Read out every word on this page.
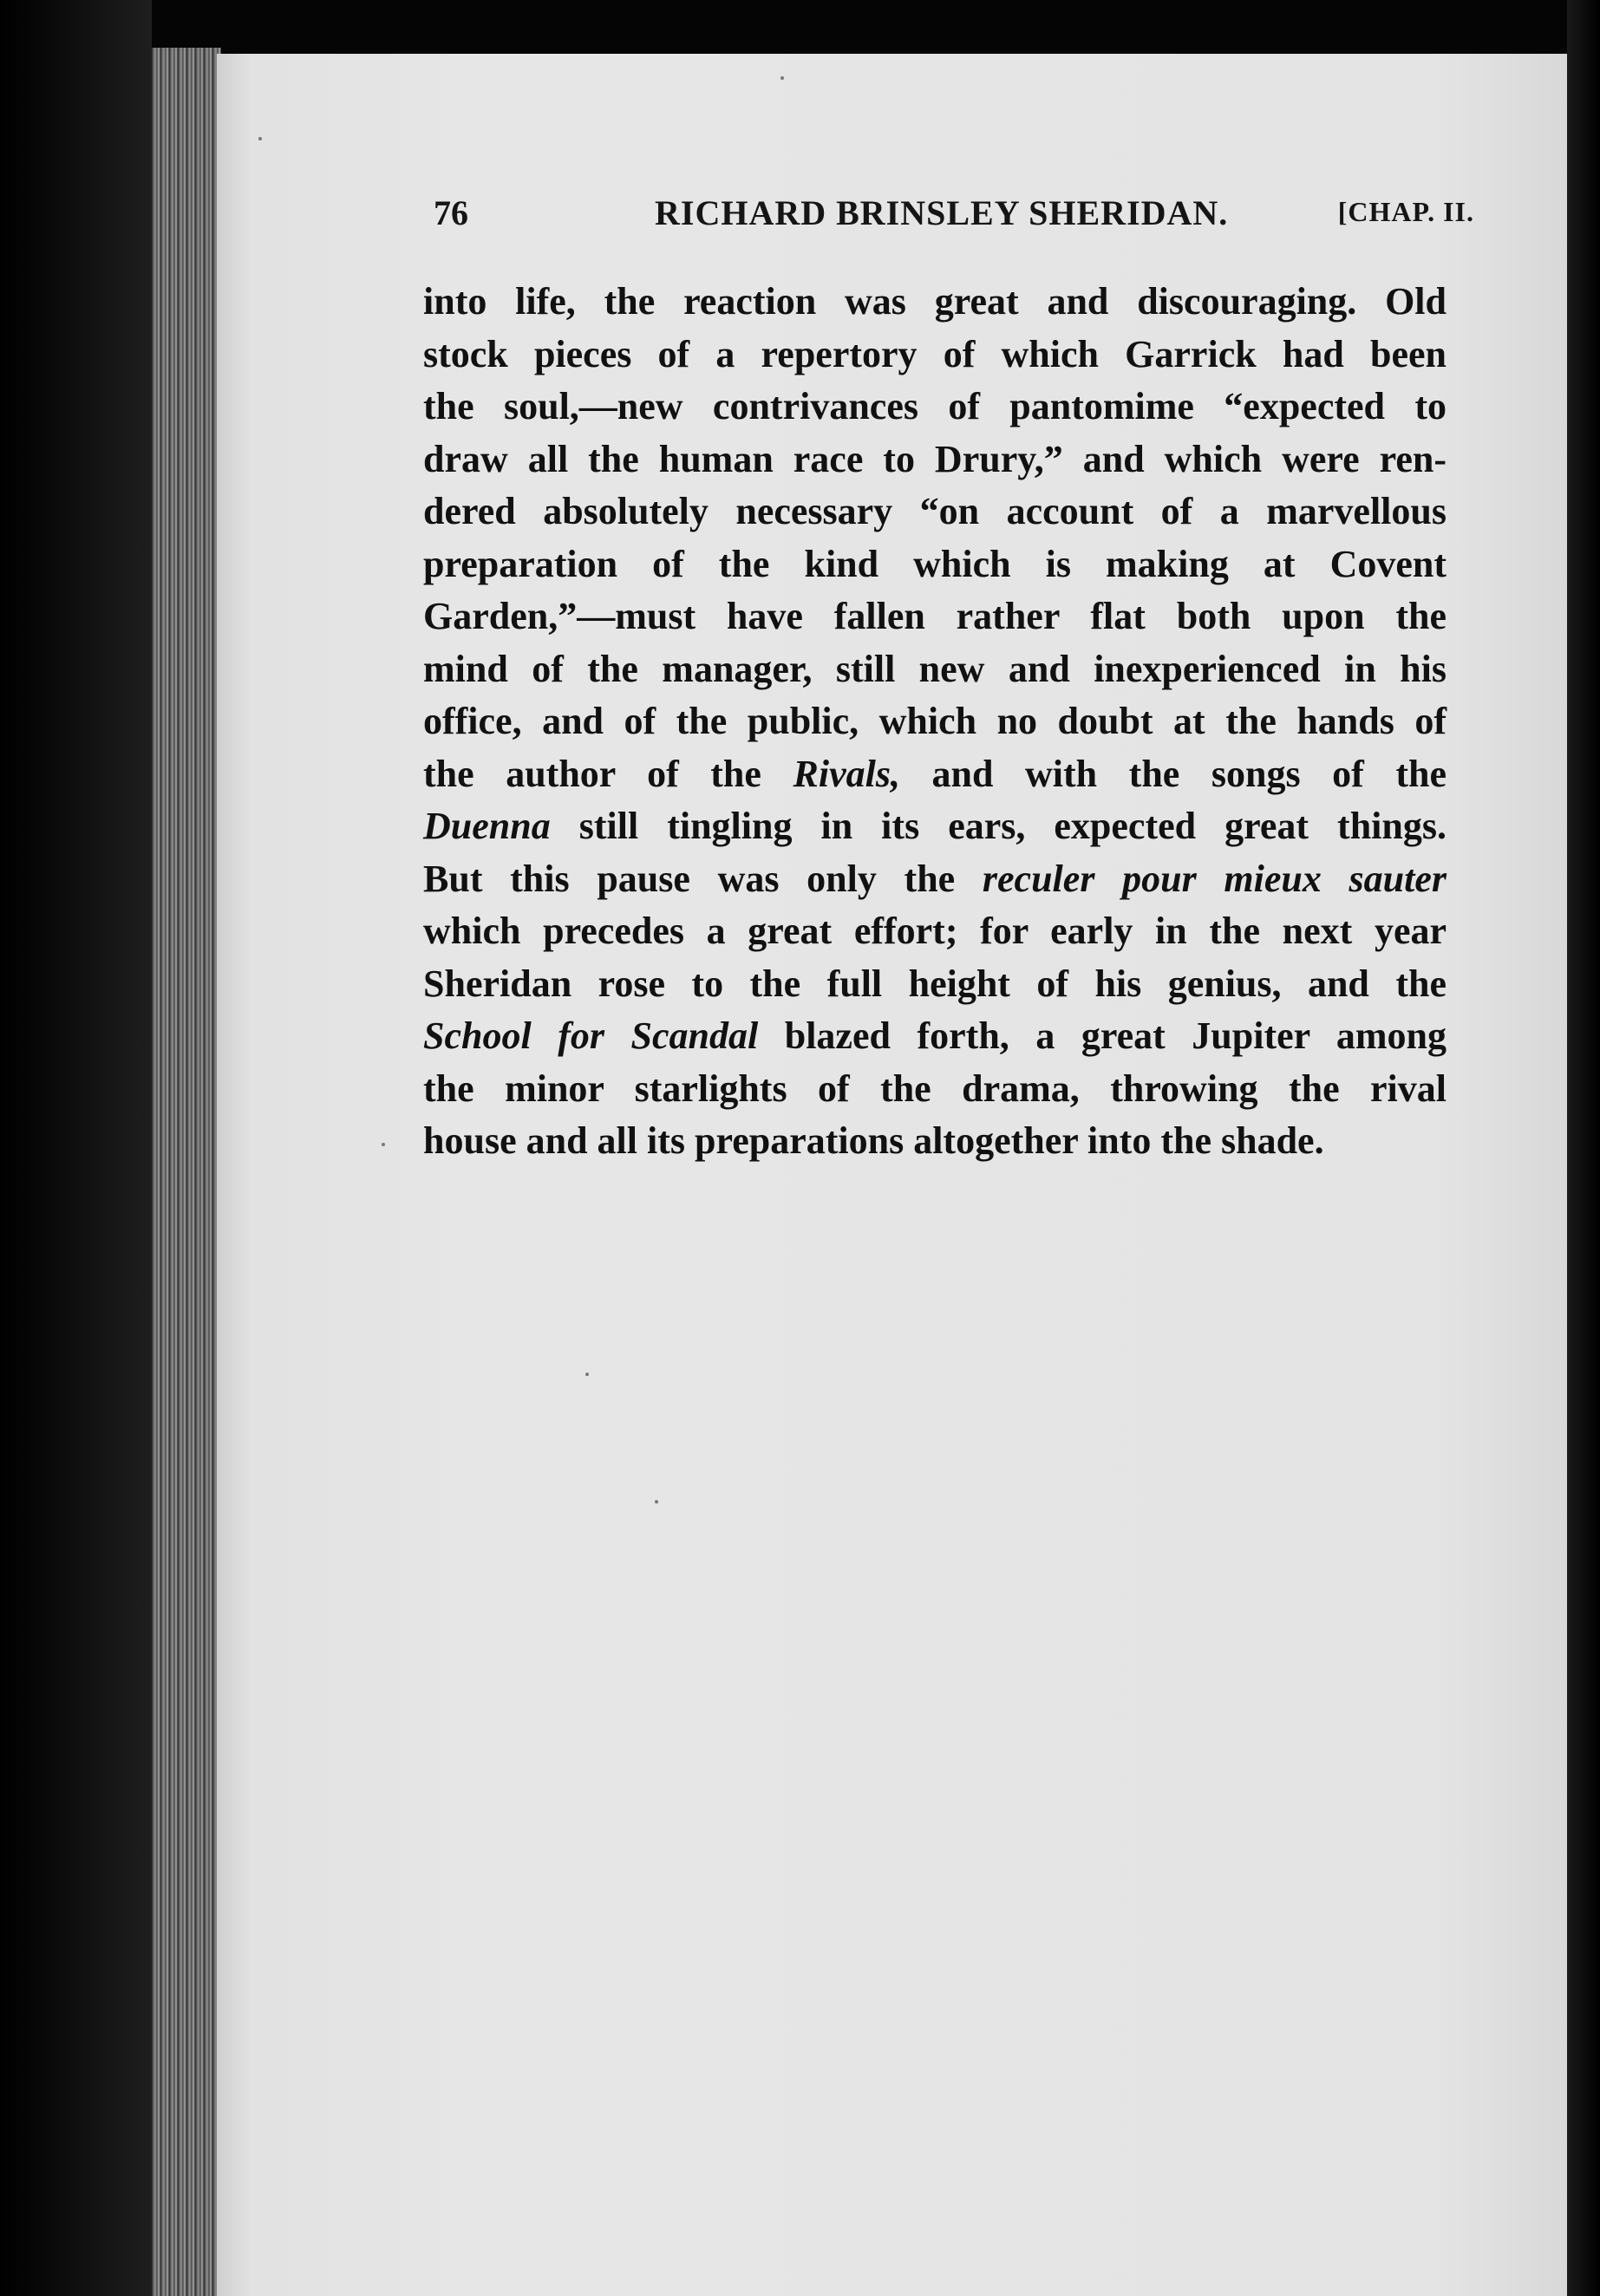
76	RICHARD BRINSLEY SHERIDAN.	[CHAP. II.
into life, the reaction was great and discouraging. Old
stock pieces of a repertory of which Garrick had been
the soul,—new contrivances of pantomime “expected to
draw all the human race to Drury,” and which were ren-
dered absolutely necessary “on account of a marvellous
preparation of the kind which is making at Covent
Garden,”—must have fallen rather flat both upon the
mind of the manager, still new and inexperienced in his
office, and of the public, which no doubt at the hands of
the author of the Rivals, and with the songs of the
Duenna still tingling in its ears, expected great things.
But this pause was only the reculer pour mieux sauter
which precedes a great effort; for early in the next year
Sheridan rose to the full height of his genius, and the
School for Scandal blazed forth, a great Jupiter among
the minor starlights of the drama, throwing the rival
house and all its preparations altogether into the shade.
